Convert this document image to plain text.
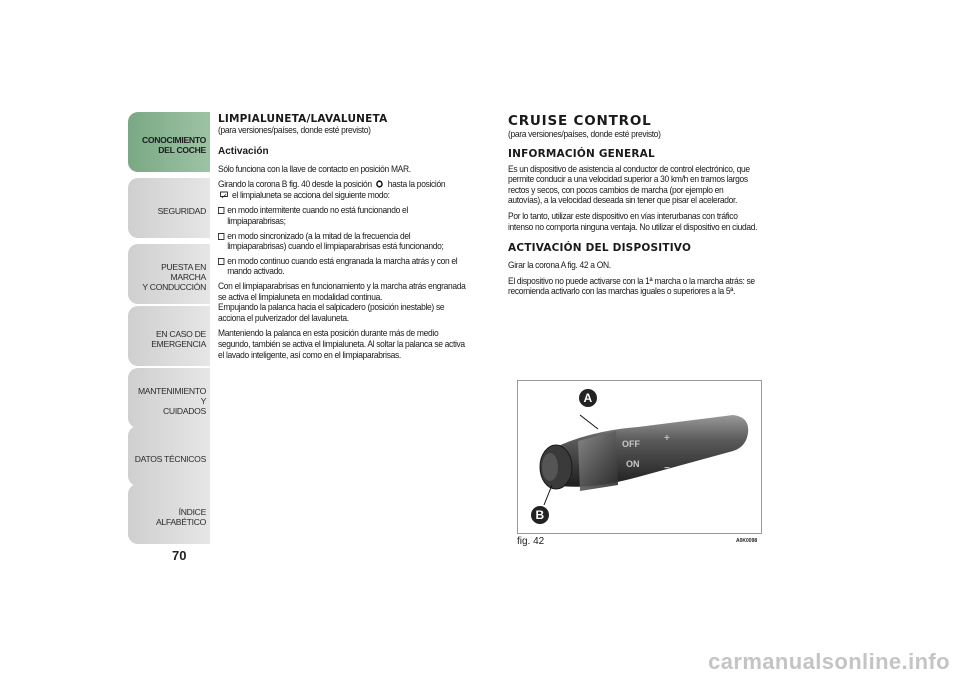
CONOCIMIENTO
DEL COCHE
SEGURIDAD
PUESTA EN MARCHA
Y CONDUCCIÓN
EN CASO DE
EMERGENCIA
MANTENIMIENTO Y
CUIDADOS
DATOS TÉCNICOS
ÍNDICE ALFABÉTICO
70

LIMPIALUNETA/LAVALUNETA

(para versiones/países, donde esté previsto)

Activación

Sólo funciona con la llave de contacto en posición MAR.

Girando la corona B fig. 40 desde la posición hasta la posición
el limpialuneta se acciona del siguiente modo:

en modo intermitente cuando no está funcionando el limpiaparabrisas;
en modo sincronizado (a la mitad de la frecuencia del limpiaparabrisas) cuando el limpiaparabrisas está funcionando;
en modo continuo cuando está engranada la marcha atrás y con el mando activado.

Con el limpiaparabrisas en funcionamiento y la marcha atrás engranada se activa el limpialuneta en modalidad continua.

Empujando la palanca hacia el salpicadero (posición inestable) se acciona el pulverizador del lavaluneta.

Manteniendo la palanca en esta posición durante más de medio segundo, también se activa el limpialuneta. Al soltar la palanca se activa el lavado inteligente, así como en el limpiaparabrisas.

CRUISE CONTROL

(para versiones/países, donde esté previsto)

INFORMACIÓN GENERAL

Es un dispositivo de asistencia al conductor de control electrónico, que permite conducir a una velocidad superior a 30 km/h en tramos largos rectos y secos, con pocos cambios de marcha (por ejemplo en autovías), a la velocidad deseada sin tener que pisar el acelerador.

Por lo tanto, utilizar este dispositivo en vías interurbanas con tráfico intenso no comporta ninguna ventaja. No utilizar el dispositivo en ciudad.

ACTIVACIÓN DEL DISPOSITIVO

Girar la corona A fig. 42 a ON.

El dispositivo no puede activarse con la 1ª marcha o la marcha atrás: se recomienda activarlo con las marchas iguales o superiores a la 5ª.

OFF
ON
+
−
A
B
fig. 42	A0K0098
carmanualsonline.info
